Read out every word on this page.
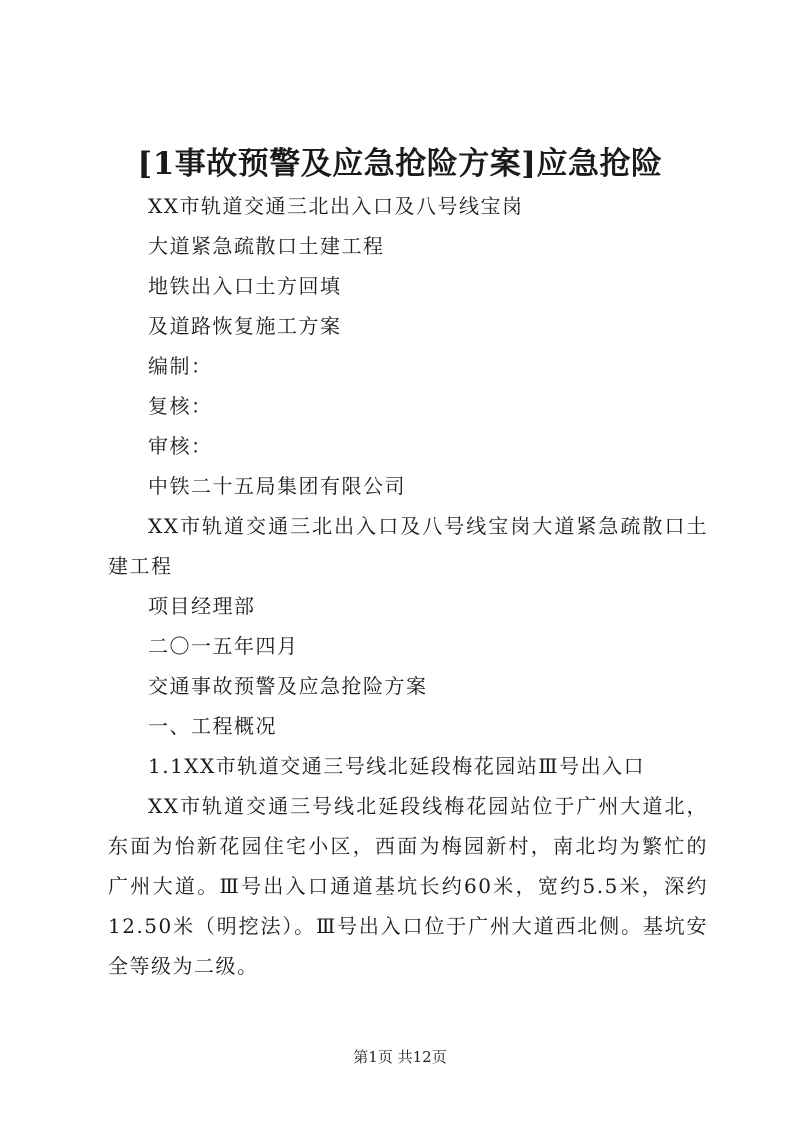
[1事故预警及应急抢险方案]应急抢险

XX市轨道交通三北出入口及八号线宝岗

大道紧急疏散口土建工程

地铁出入口土方回填

及道路恢复施工方案

编制：

复核：

审核：

中铁二十五局集团有限公司

XX市轨道交通三北出入口及八号线宝岗大道紧急疏散口土建工程

项目经理部

二〇一五年四月

交通事故预警及应急抢险方案

一、工程概况

1.1XX市轨道交通三号线北延段梅花园站Ⅲ号出入口

XX市轨道交通三号线北延段线梅花园站位于广州大道北，东面为怡新花园住宅小区，西面为梅园新村，南北均为繁忙的广州大道。Ⅲ号出入口通道基坑长约60米，宽约5.5米，深约12.50米（明挖法）。Ⅲ号出入口位于广州大道西北侧。基坑安全等级为二级。

第1页 共12页
